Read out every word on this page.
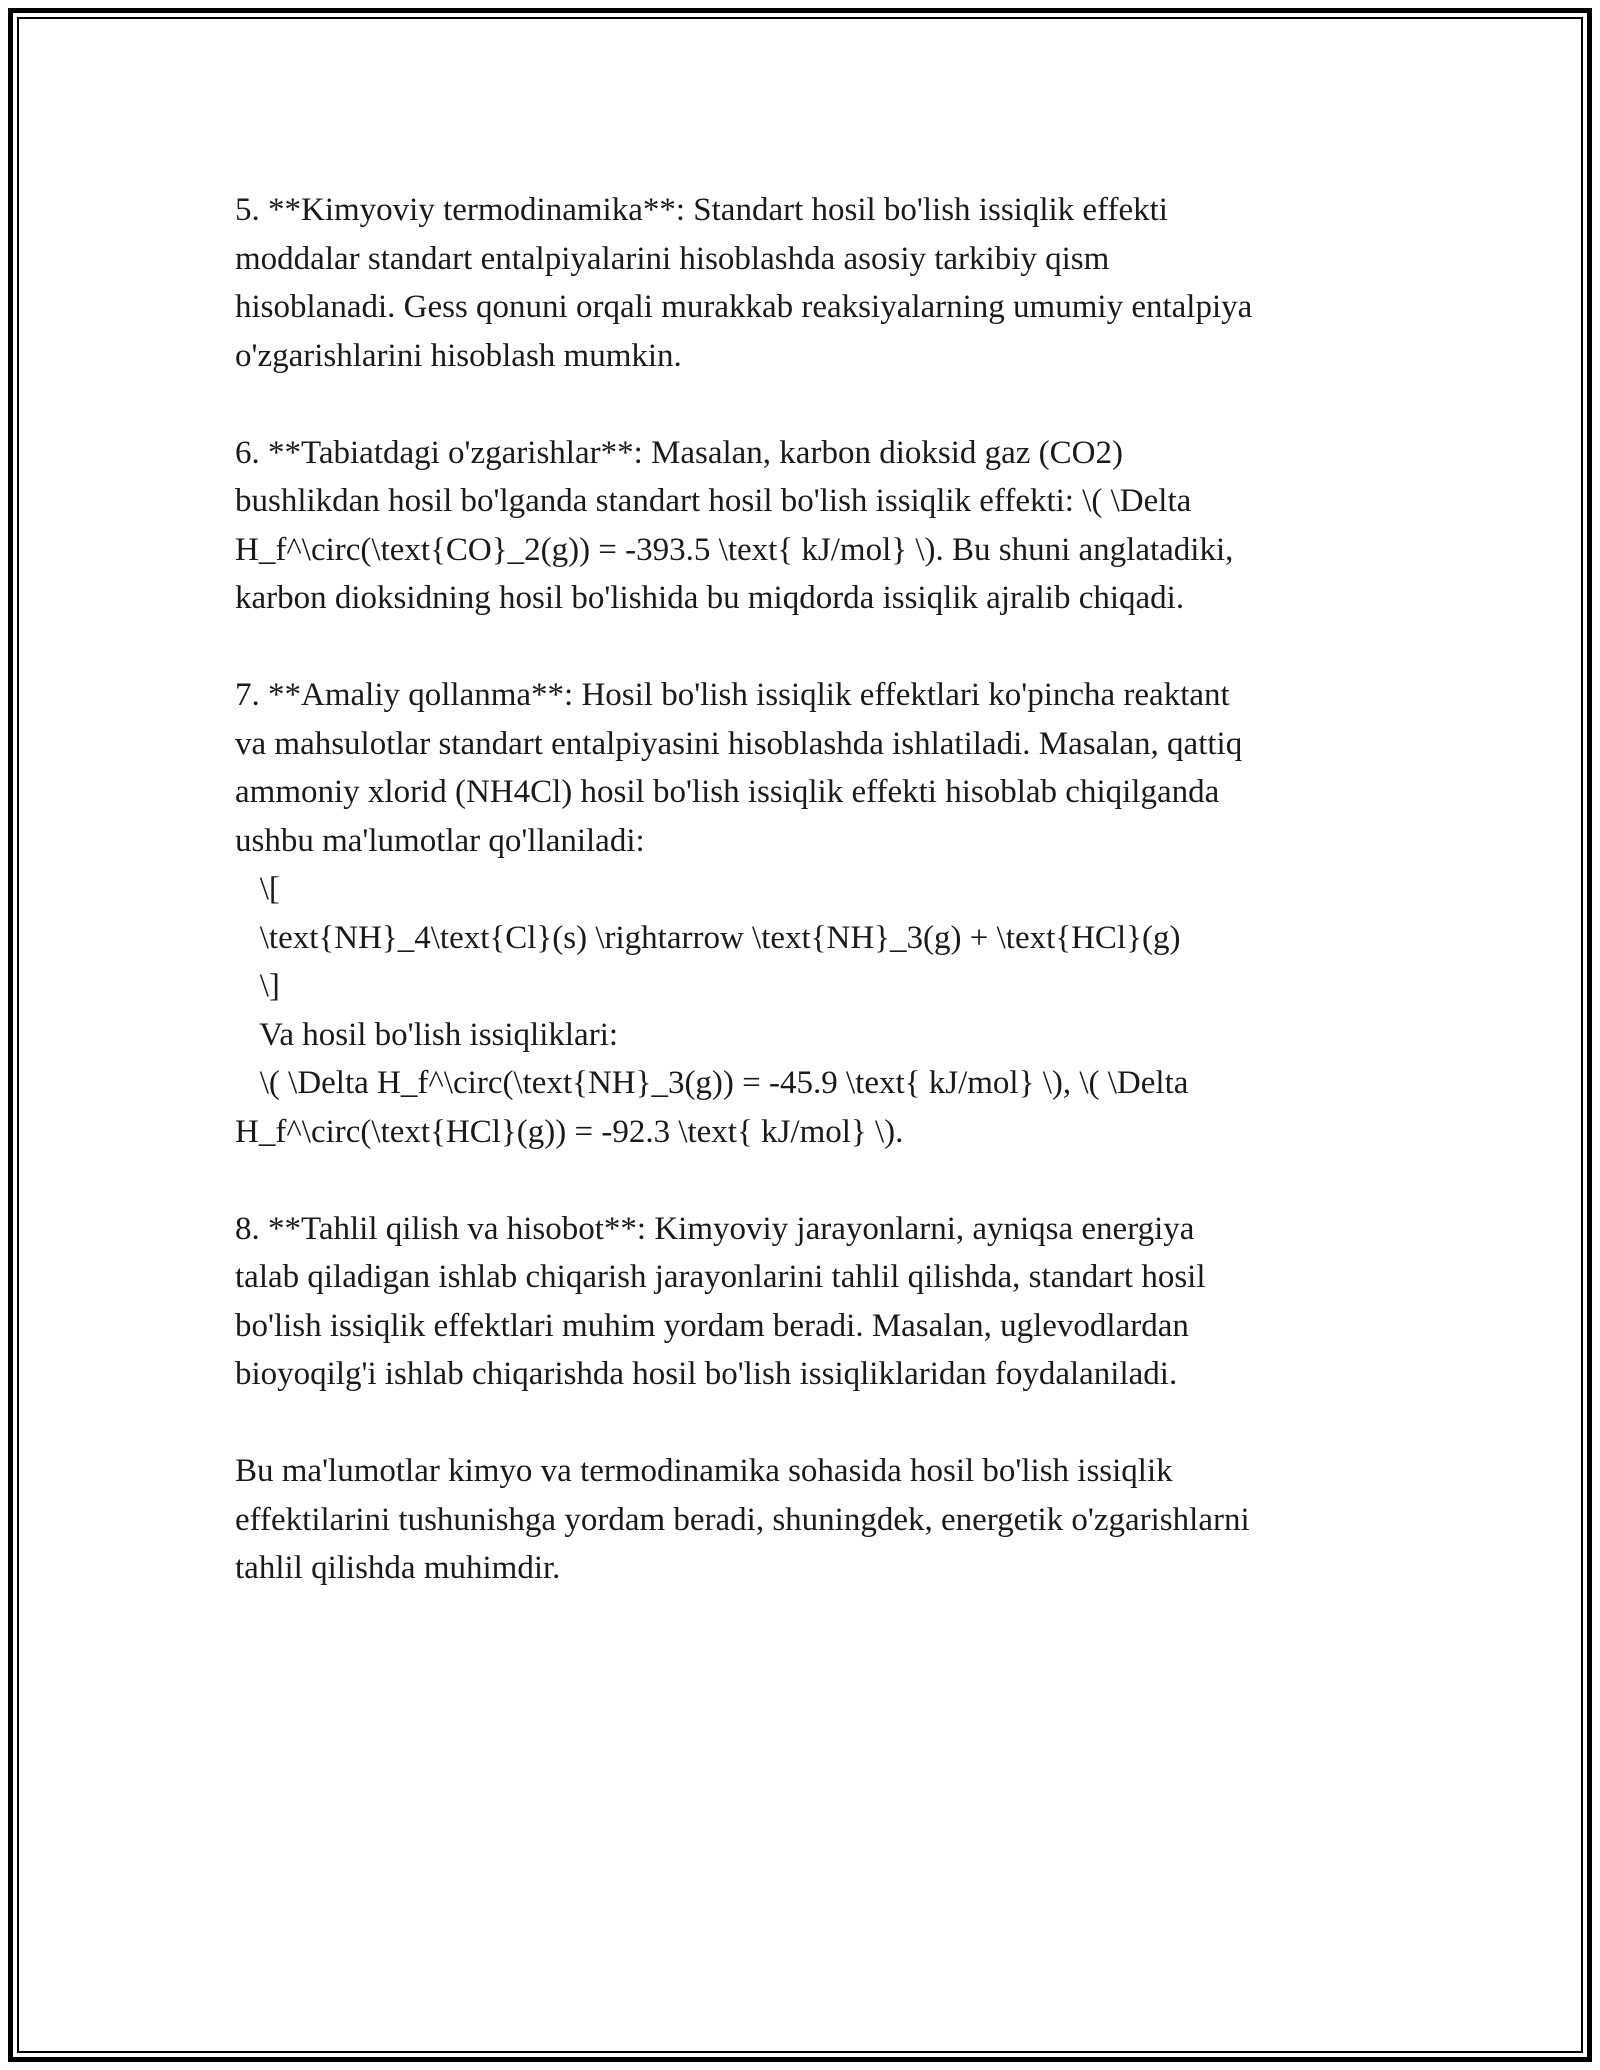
5. **Kimyoviy termodinamika**: Standart hosil bo'lish issiqlik effekti
moddalar standart entalpiyalarini hisoblashda asosiy tarkibiy qism
hisoblanadi. Gess qonuni orqali murakkab reaksiyalarning umumiy entalpiya
o'zgarishlarini hisoblash mumkin.
6. **Tabiatdagi o'zgarishlar**: Masalan, karbon dioksid gaz (CO2)
bushlikdan hosil bo'lganda standart hosil bo'lish issiqlik effekti: \( \Delta
H_f^\circ(\text{CO}_2(g)) = -393.5 \text{ kJ/mol} \). Bu shuni anglatadiki,
karbon dioksidning hosil bo'lishida bu miqdorda issiqlik ajralib chiqadi.
7. **Amaliy qollanma**: Hosil bo'lish issiqlik effektlari ko'pincha reaktant
va mahsulotlar standart entalpiyasini hisoblashda ishlatiladi. Masalan, qattiq
ammoniy xlorid (NH4Cl) hosil bo'lish issiqlik effekti hisoblab chiqilganda
ushbu ma'lumotlar qo'llaniladi:
\[
\text{NH}_4\text{Cl}(s) \rightarrow \text{NH}_3(g) + \text{HCl}(g)
\]
Va hosil bo'lish issiqliklari:
\( \Delta H_f^\circ(\text{NH}_3(g)) = -45.9 \text{ kJ/mol} \), \( \Delta
H_f^\circ(\text{HCl}(g)) = -92.3 \text{ kJ/mol} \).
8. **Tahlil qilish va hisobot**: Kimyoviy jarayonlarni, ayniqsa energiya
talab qiladigan ishlab chiqarish jarayonlarini tahlil qilishda, standart hosil
bo'lish issiqlik effektlari muhim yordam beradi. Masalan, uglevodlardan
bioyoqilg'i ishlab chiqarishda hosil bo'lish issiqliklaridan foydalaniladi.
Bu ma'lumotlar kimyo va termodinamika sohasida hosil bo'lish issiqlik
effektilarini tushunishga yordam beradi, shuningdek, energetik o'zgarishlarni
tahlil qilishda muhimdir.
